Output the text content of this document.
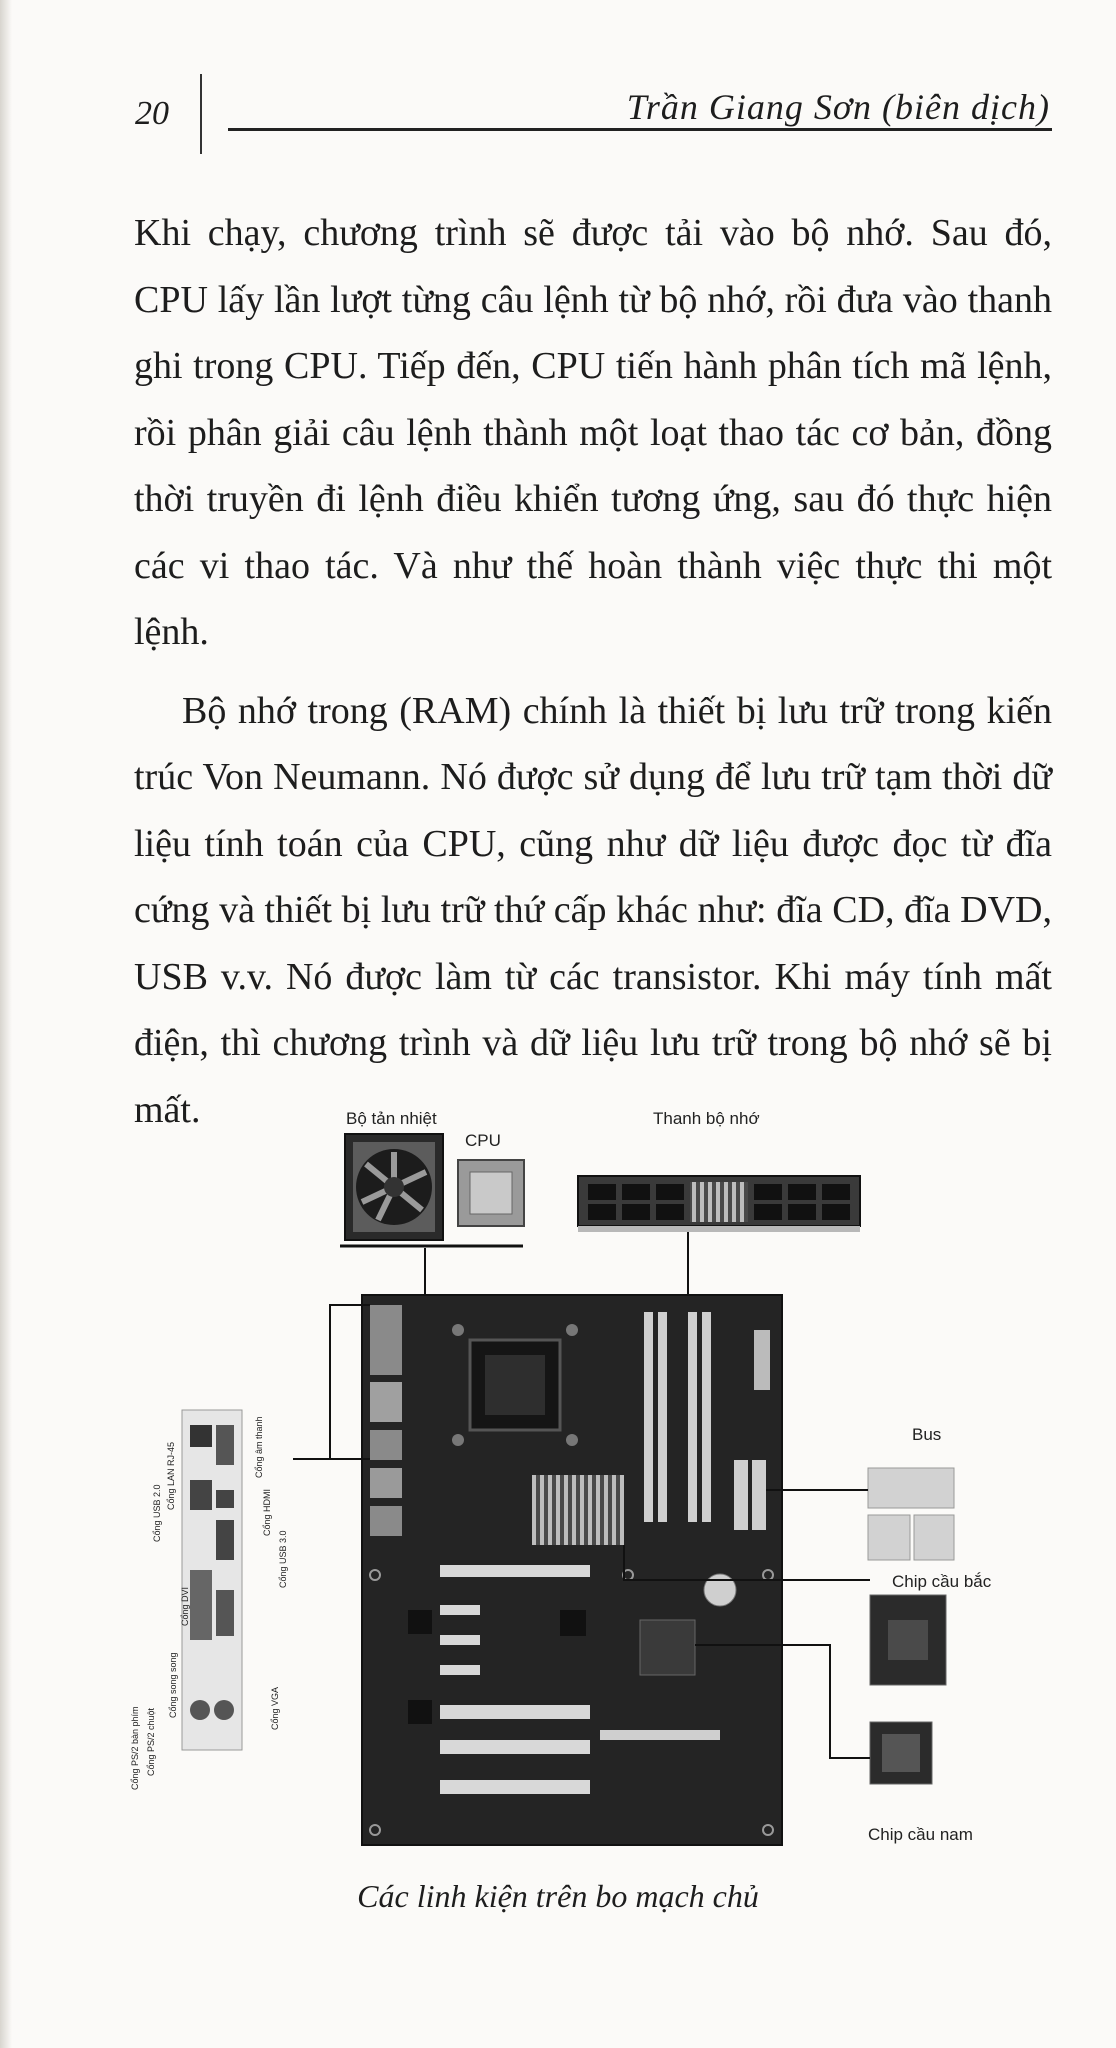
20	Trần Giang Sơn (biên dịch)

Khi chạy, chương trình sẽ được tải vào bộ nhớ. Sau đó, CPU lấy lần lượt từng câu lệnh từ bộ nhớ, rồi đưa vào thanh ghi trong CPU. Tiếp đến, CPU tiến hành phân tích mã lệnh, rồi phân giải câu lệnh thành một loạt thao tác cơ bản, đồng thời truyền đi lệnh điều khiển tương ứng, sau đó thực hiện các vi thao tác. Và như thế hoàn thành việc thực thi một lệnh.

Bộ nhớ trong (RAM) chính là thiết bị lưu trữ trong kiến trúc Von Neumann. Nó được sử dụng để lưu trữ tạm thời dữ liệu tính toán của CPU, cũng như dữ liệu được đọc từ đĩa cứng và thiết bị lưu trữ thứ cấp khác như: đĩa CD, đĩa DVD, USB v.v. Nó được làm từ các transistor. Khi máy tính mất điện, thì chương trình và dữ liệu lưu trữ trong bộ nhớ sẽ bị mất.	Bộ tản nhiệt
CPU
Thanh bộ nhớ
Cổng USB 2.0
Cổng LAN RJ-45	Cổng âm thanh
Cổng HDMI
Cổng USB 3.0
Cổng DVI
Cổng song song	Cổng VGA
Cổng PS/2 bàn phím Cổng PS/2 chuột
Bus
Chip cầu bắc
Chip cầu nam
Các linh kiện trên bo mạch chủ
